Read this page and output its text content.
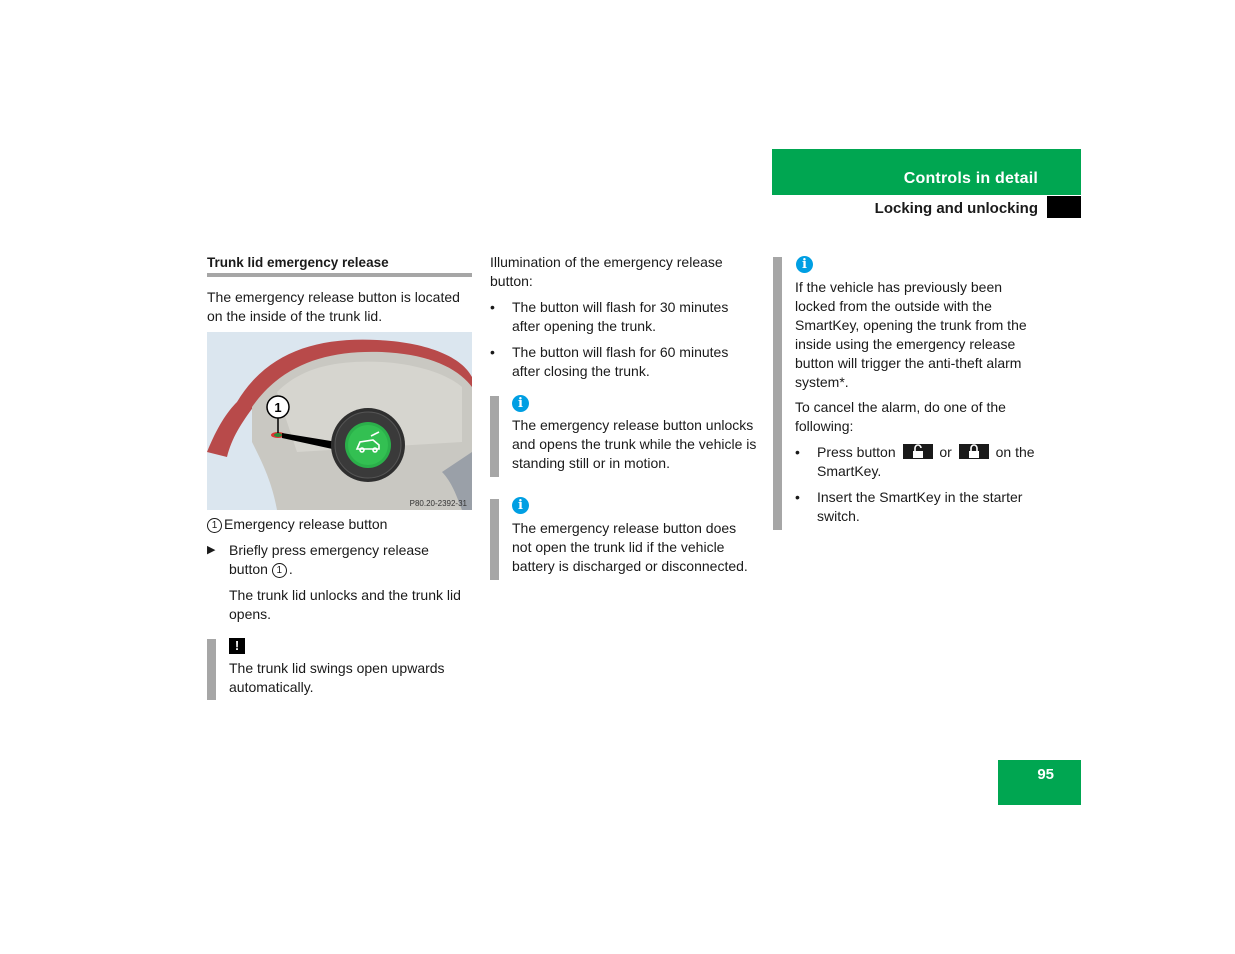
Controls in detail
Locking and unlocking
Trunk lid emergency release
The emergency release button is located
on the inside of the trunk lid.
1
P80.20-2392-31
1 Emergency release button
▶ Briefly press emergency release
button 1 .
The trunk lid unlocks and the trunk lid
opens.
!
The trunk lid swings open upwards
automatically.
Illumination of the emergency release
button:
•	The button will flash for 30 minutes
after opening the trunk.
•	The button will flash for 60 minutes
after closing the trunk.
i
The emergency release button unlocks
and opens the trunk while the vehicle is
standing still or in motion.
i
The emergency release button does
not open the trunk lid if the vehicle
battery is discharged or disconnected.
i
If the vehicle has previously been
locked from the outside with the
SmartKey, opening the trunk from the
inside using the emergency release
button will trigger the anti-theft alarm
system*.
To cancel the alarm, do one of the
following:
•	Press button	or	on the
SmartKey.
•	Insert the SmartKey in the starter
switch.
95
